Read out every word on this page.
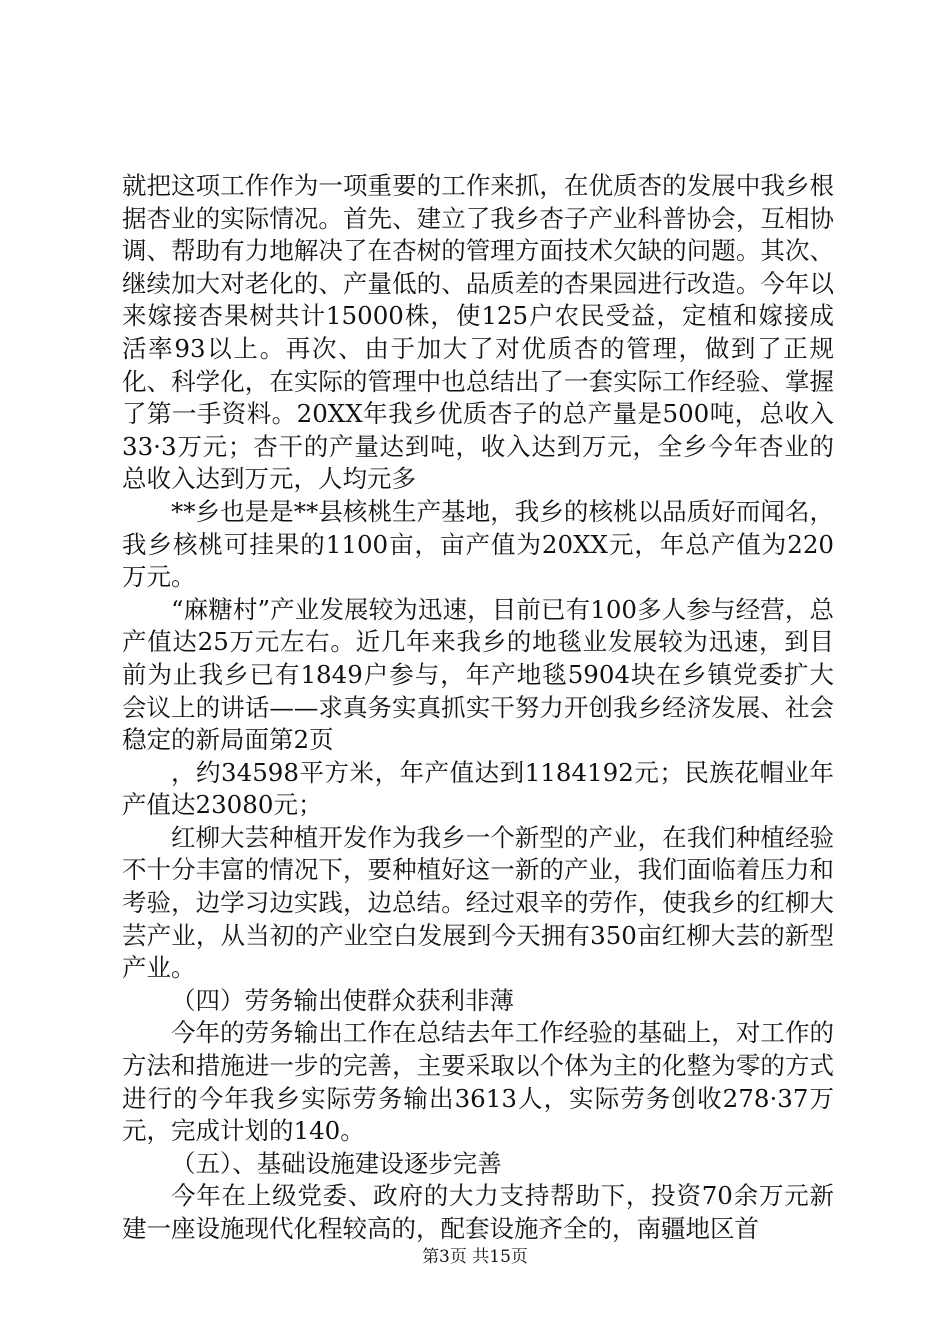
就把这项工作作为一项重要的工作来抓，在优质杏的发展中我乡根据杏业的实际情况。首先、建立了我乡杏子产业科普协会，互相协调、帮助有力地解决了在杏树的管理方面技术欠缺的问题。其次、继续加大对老化的、产量低的、品质差的杏果园进行改造。今年以来嫁接杏果树共计15000株，使125户农民受益，定植和嫁接成活率93以上。再次、由于加大了对优质杏的管理，做到了正规化、科学化，在实际的管理中也总结出了一套实际工作经验、掌握了第一手资料。20XX年我乡优质杏子的总产量是500吨，总收入33·3万元；杏干的产量达到吨，收入达到万元，全乡今年杏业的总收入达到万元，人均元多

**乡也是是**县核桃生产基地，我乡的核桃以品质好而闻名，我乡核桃可挂果的1100亩，亩产值为20XX元，年总产值为220万元。

“麻糖村”产业发展较为迅速，目前已有100多人参与经营，总产值达25万元左右。近几年来我乡的地毯业发展较为迅速，到目前为止我乡已有1849户参与，年产地毯5904块在乡镇党委扩大会议上的讲话——求真务实真抓实干努力开创我乡经济发展、社会稳定的新局面第2页

，约34598平方米，年产值达到1184192元；民族花帽业年产值达23080元；

红柳大芸种植开发作为我乡一个新型的产业，在我们种植经验不十分丰富的情况下，要种植好这一新的产业，我们面临着压力和考验，边学习边实践，边总结。经过艰辛的劳作，使我乡的红柳大芸产业，从当初的产业空白发展到今天拥有350亩红柳大芸的新型产业。

（四）劳务输出使群众获利非薄

今年的劳务输出工作在总结去年工作经验的基础上，对工作的方法和措施进一步的完善，主要采取以个体为主的化整为零的方式进行的今年我乡实际劳务输出3613人，实际劳务创收278·37万元，完成计划的140。

（五）、基础设施建设逐步完善

今年在上级党委、政府的大力支持帮助下，投资70余万元新建一座设施现代化程较高的，配套设施齐全的，南疆地区首

第3页 共15页
